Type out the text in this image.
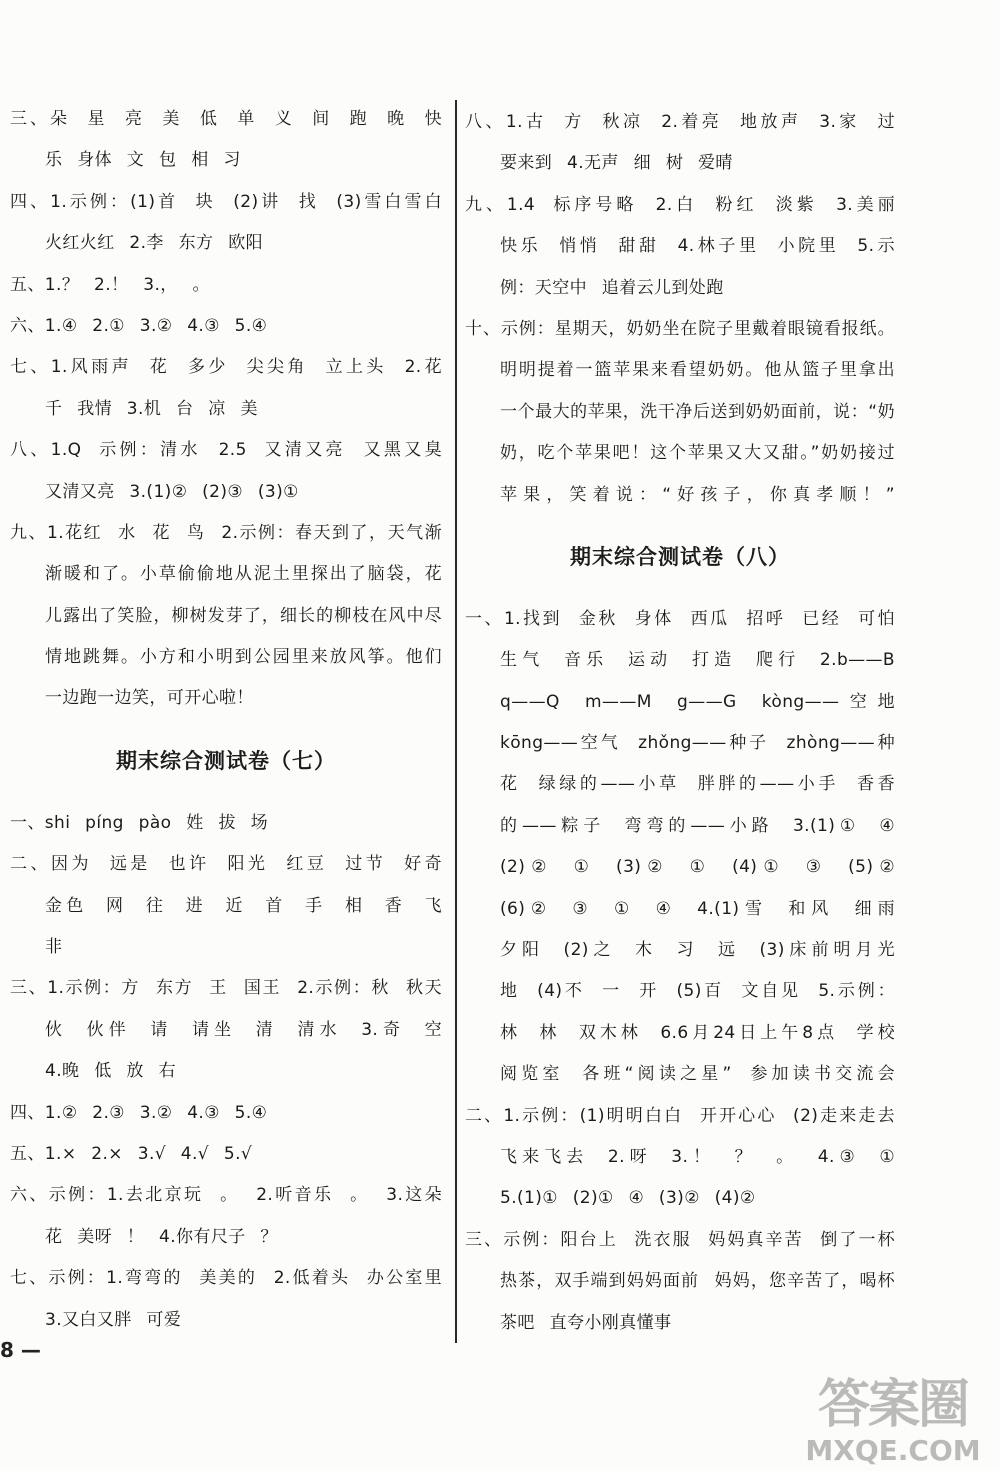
三、朵 星 亮 美 低 单 义 间 跑 晚 快
乐 身体 文 包 相 习
四、1.示例：(1)首 块 (2)讲 找 (3)雪白雪白
火红火红 2.李 东方 欧阳
五、1.？ 2.！ 3.， 。
六、1.④ 2.① 3.② 4.③ 5.④
七、1.风雨声 花 多少 尖尖角 立上头 2.花
千 我情 3.机 台 凉 美
八、1.Q 示例：清水 2.5 又清又亮 又黑又臭
又清又亮 3.(1)② (2)③ (3)①
九、1.花红 水 花 鸟 2.示例：春天到了，天气渐
渐暖和了。小草偷偷地从泥土里探出了脑袋，花
儿露出了笑脸，柳树发芽了，细长的柳枝在风中尽
情地跳舞。小方和小明到公园里来放风筝。他们
一边跑一边笑，可开心啦！
期末综合测试卷（七）
一、shi píng pào 姓 拔 场
二、因为 远是 也许 阳光 红豆 过节 好奇
金色 网 往 进 近 首 手 相 香 飞
非
三、1.示例：方 东方 王 国王 2.示例：秋 秋天
伙 伙伴 请 请坐 清 清水 3.奇 空
4.晚 低 放 右
四、1.② 2.③ 3.② 4.③ 5.④
五、1.× 2.× 3.√ 4.√ 5.√
六、示例：1.去北京玩 。 2.听音乐 。 3.这朵
花 美呀 ！ 4.你有尺子 ？
七、示例：1.弯弯的 美美的 2.低着头 办公室里
3.又白又胖 可爱
八、1.古 方 秋凉 2.着亮 地放声 3.家 过
要来到 4.无声 细 树 爱晴
九、1.4 标序号略 2.白 粉红 淡紫 3.美丽
快乐 悄悄 甜甜 4.林子里 小院里 5.示
例：天空中 追着云儿到处跑
十、示例：星期天，奶奶坐在院子里戴着眼镜看报纸。
明明提着一篮苹果来看望奶奶。他从篮子里拿出
一个最大的苹果，洗干净后送到奶奶面前，说：“奶
奶，吃个苹果吧！这个苹果又大又甜。”奶奶接过
苹果，笑着说：“好孩子，你真孝顺！”
期末综合测试卷（八）
一、1.找到 金秋 身体 西瓜 招呼 已经 可怕
生气 音乐 运动 打造 爬行 2.b——B
q——Q m——M g——G kòng——空地
kōng——空气 zhǒng——种子 zhòng——种
花 绿绿的——小草 胖胖的——小手 香香
的——粽子 弯弯的——小路 3.(1)① ④
(2)② ① (3)② ① (4)① ③ (5)②
(6)② ③ ① ④ 4.(1)雪 和风 细雨
夕阳 (2)之 木 习 远 (3)床前明月光
地 (4)不 一 开 (5)百 文自见 5.示例：
林 林 双木林 6.6月24日上午8点 学校
阅览室 各班“阅读之星” 参加读书交流会
二、1.示例：(1)明明白白 开开心心 (2)走来走去
飞来飞去 2.呀 3.！ ？ 。 4.③ ①
5.(1)① (2)① ④ (3)② (4)②
三、示例：阳台上 洗衣服 妈妈真辛苦 倒了一杯
热茶，双手端到妈妈面前 妈妈，您辛苦了，喝杯
茶吧 直夸小刚真懂事
8 —
答案圈
MXQE.COM
